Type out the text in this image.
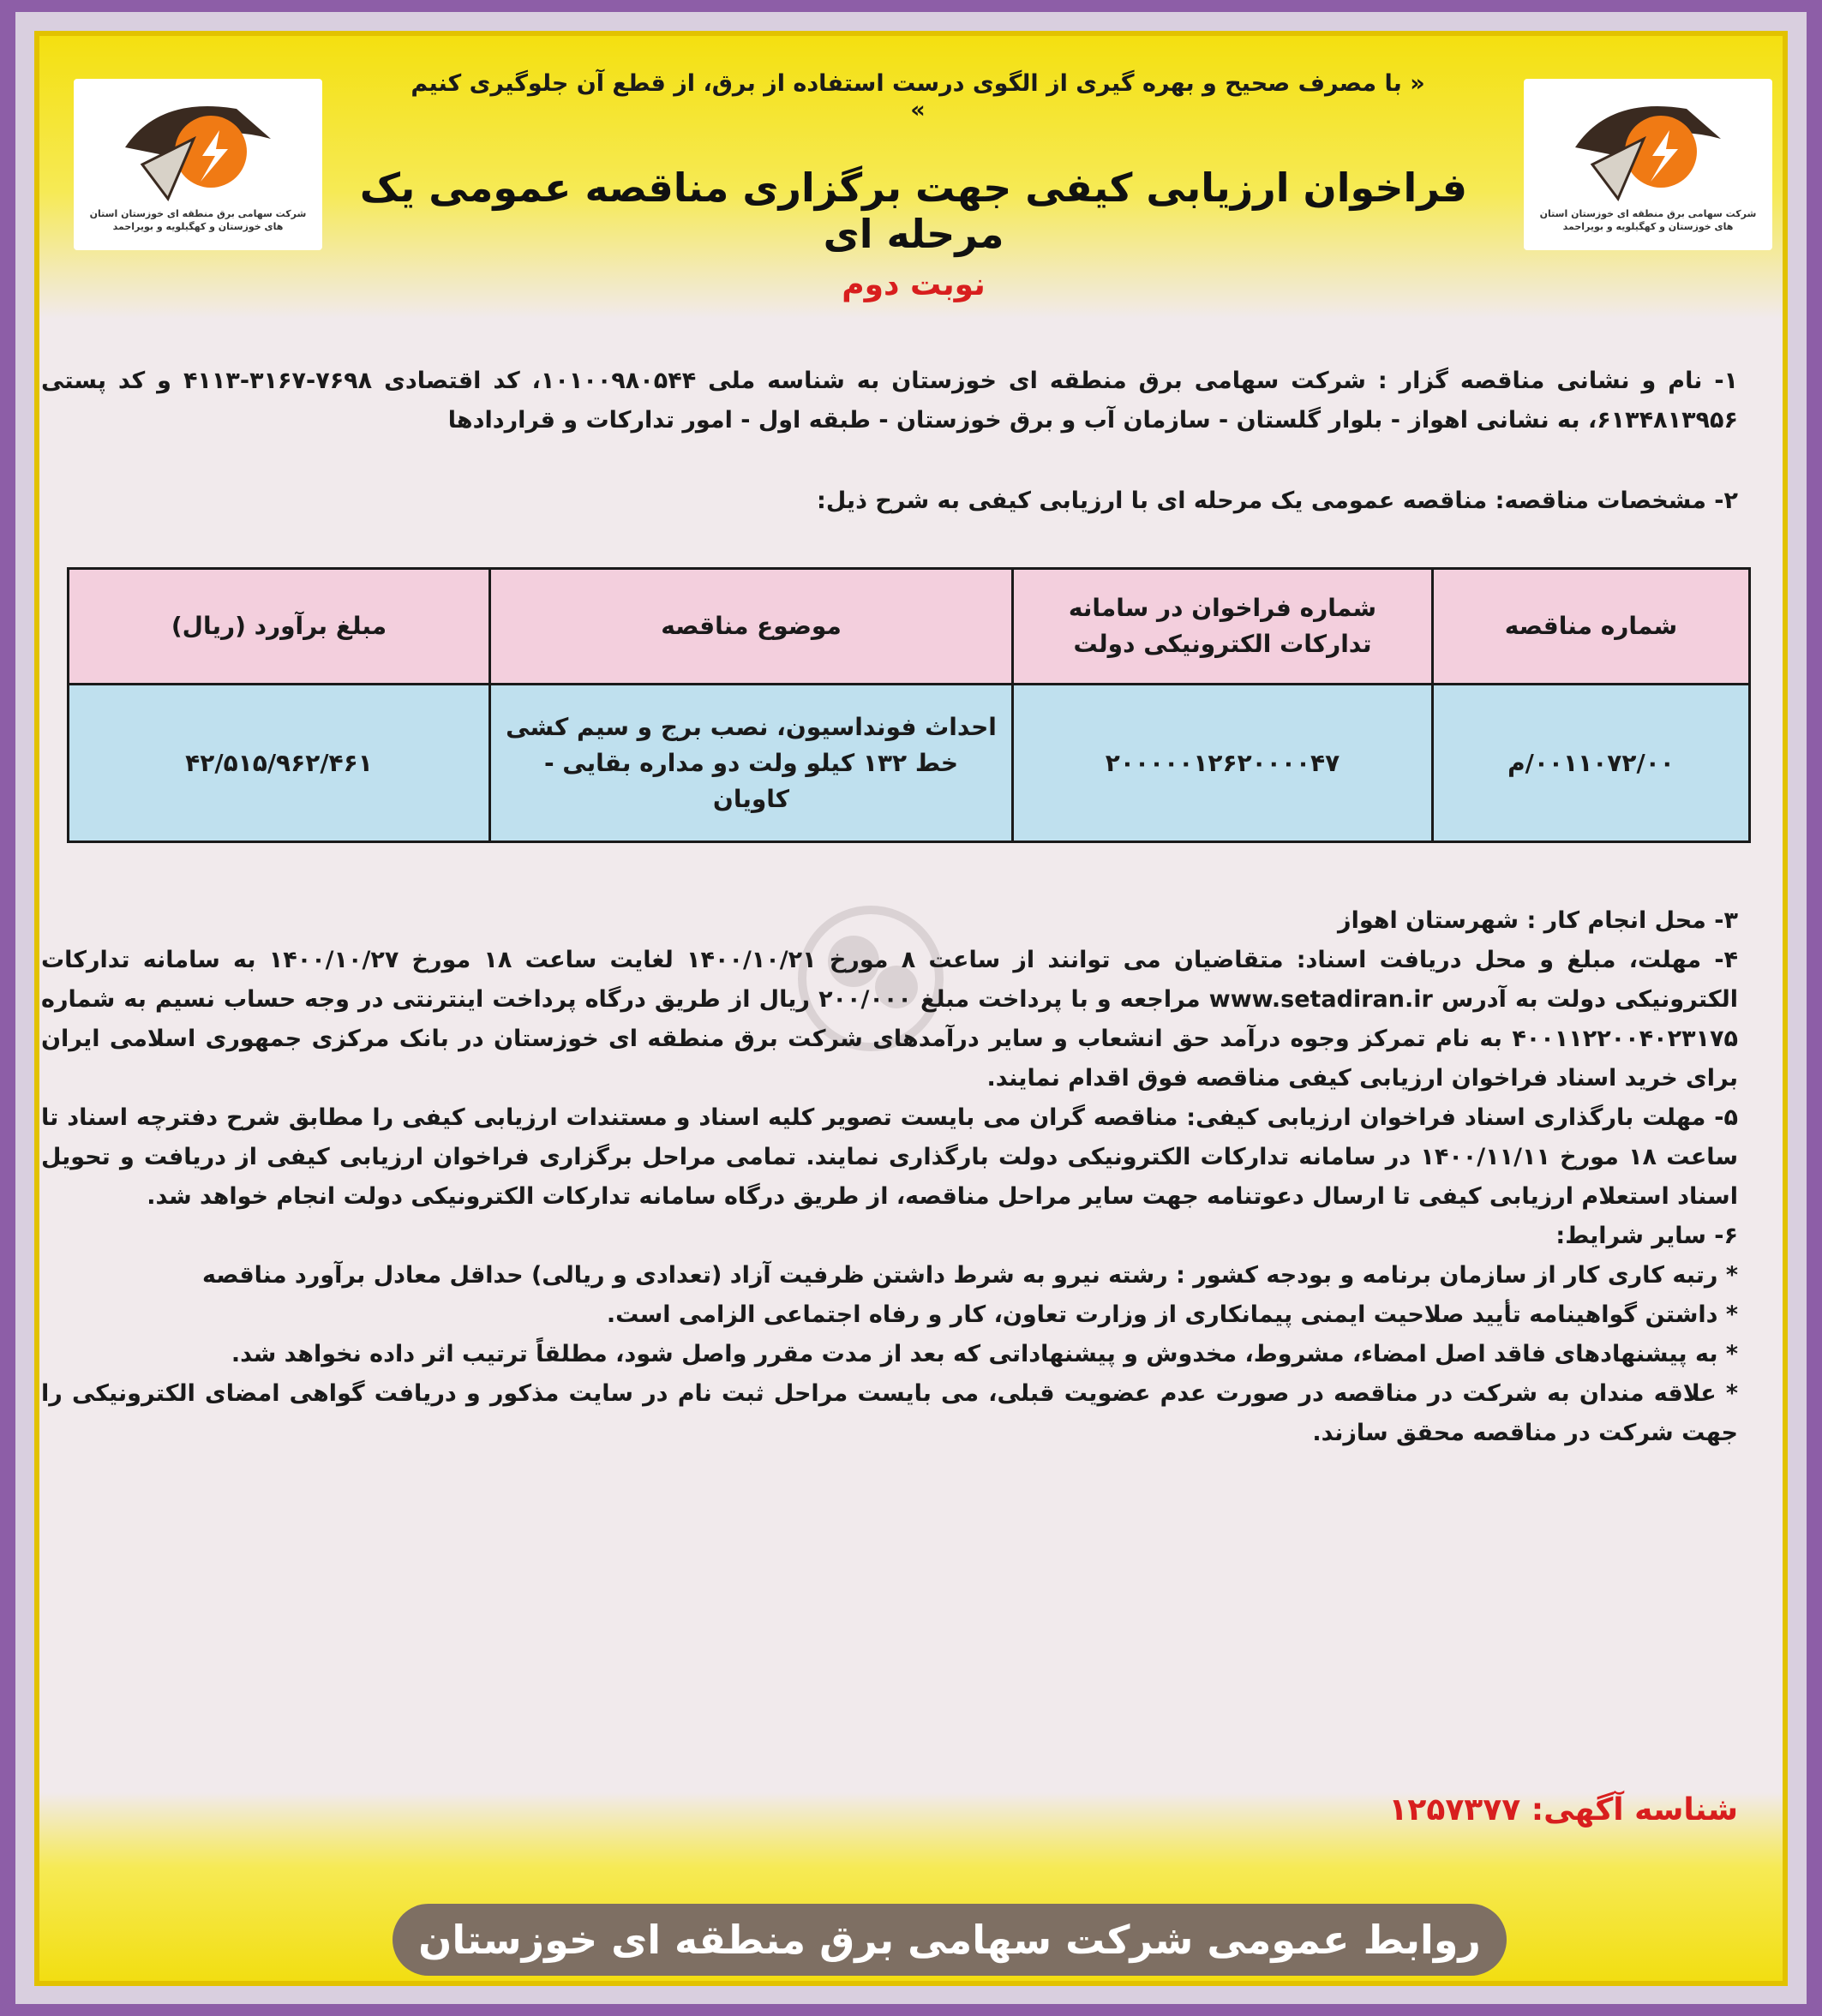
« با مصرف صحیح و بهره گیری از الگوی درست استفاده از برق، از قطع آن جلوگیری کنیم »
شرکت سهامی برق منطقه ای خوزستان استان های خوزستان و کهگیلویه و بویراحمد
شرکت سهامی برق منطقه ای خوزستان استان های خوزستان و کهگیلویه و بویراحمد
فراخوان ارزیابی کیفی جهت برگزاری مناقصه عمومی یک مرحله ای
نوبت دوم
۱- نام و نشانی مناقصه گزار : شرکت سهامی برق منطقه ای خوزستان به شناسه ملی ۱۰۱۰۰۹۸۰۵۴۴، کد اقتصادی ۷۶۹۸-۳۱۶۷-۴۱۱۳ و کد پستی ۶۱۳۴۸۱۳۹۵۶، به نشانی اهواز - بلوار گلستان - سازمان آب و برق خوزستان - طبقه اول - امور تدارکات و قراردادها
۲- مشخصات مناقصه: مناقصه عمومی یک مرحله ای با ارزیابی کیفی به شرح ذیل:
شماره مناقصه	شماره فراخوان در سامانه تدارکات الکترونیکی دولت	موضوع مناقصه	مبلغ برآورد (ریال)
۰۰۱۱۰۷۲/۰۰/م	۲۰۰۰۰۰۱۲۶۲۰۰۰۰۴۷	احداث فونداسیون، نصب برج و سیم کشی خط ۱۳۲ کیلو ولت دو مداره بقایی - کاویان	۴۲/۵۱۵/۹۶۲/۴۶۱

۳- محل انجام کار : شهرستان اهواز

۴- مهلت، مبلغ و محل دریافت اسناد: متقاضیان می توانند از ساعت ۸ مورخ ۱۴۰۰/۱۰/۲۱ لغایت ساعت ۱۸ مورخ ۱۴۰۰/۱۰/۲۷ به سامانه تدارکات الکترونیکی دولت به آدرس www.setadiran.ir مراجعه و با پرداخت مبلغ ۲۰۰/۰۰۰ ریال از طریق درگاه پرداخت اینترنتی در وجه حساب نسیم به شماره ۴۰۰۱۱۲۲۰۰۴۰۲۳۱۷۵ به نام تمرکز وجوه درآمد حق انشعاب و سایر درآمدهای شرکت برق منطقه ای خوزستان در بانک مرکزی جمهوری اسلامی ایران برای خرید اسناد فراخوان ارزیابی کیفی مناقصه فوق اقدام نمایند.

۵- مهلت بارگذاری اسناد فراخوان ارزیابی کیفی: مناقصه گران می بایست تصویر کلیه اسناد و مستندات ارزیابی کیفی را مطابق شرح دفترچه اسناد تا ساعت ۱۸ مورخ ۱۴۰۰/۱۱/۱۱ در سامانه تدارکات الکترونیکی دولت بارگذاری نمایند. تمامی مراحل برگزاری فراخوان ارزیابی کیفی از دریافت و تحویل اسناد استعلام ارزیابی کیفی تا ارسال دعوتنامه جهت سایر مراحل مناقصه، از طریق درگاه سامانه تدارکات الکترونیکی دولت انجام خواهد شد.

۶- سایر شرایط:

* رتبه کاری کار از سازمان برنامه و بودجه کشور : رشته نیرو به شرط داشتن ظرفیت آزاد (تعدادی و ریالی) حداقل معادل برآورد مناقصه

* داشتن گواهینامه تأیید صلاحیت ایمنی پیمانکاری از وزارت تعاون، کار و رفاه اجتماعی الزامی است.

* به پیشنهادهای فاقد اصل امضاء، مشروط، مخدوش و پیشنهاداتی که بعد از مدت مقرر واصل شود، مطلقاً ترتیب اثر داده نخواهد شد.

* علاقه مندان به شرکت در مناقصه در صورت عدم عضویت قبلی، می بایست مراحل ثبت نام در سایت مذکور و دریافت گواهی امضای الکترونیکی را جهت شرکت در مناقصه محقق سازند.

شناسه آگهی: ۱۲۵۷۳۷۷
روابط عمومی شرکت سهامی برق منطقه ای خوزستان
